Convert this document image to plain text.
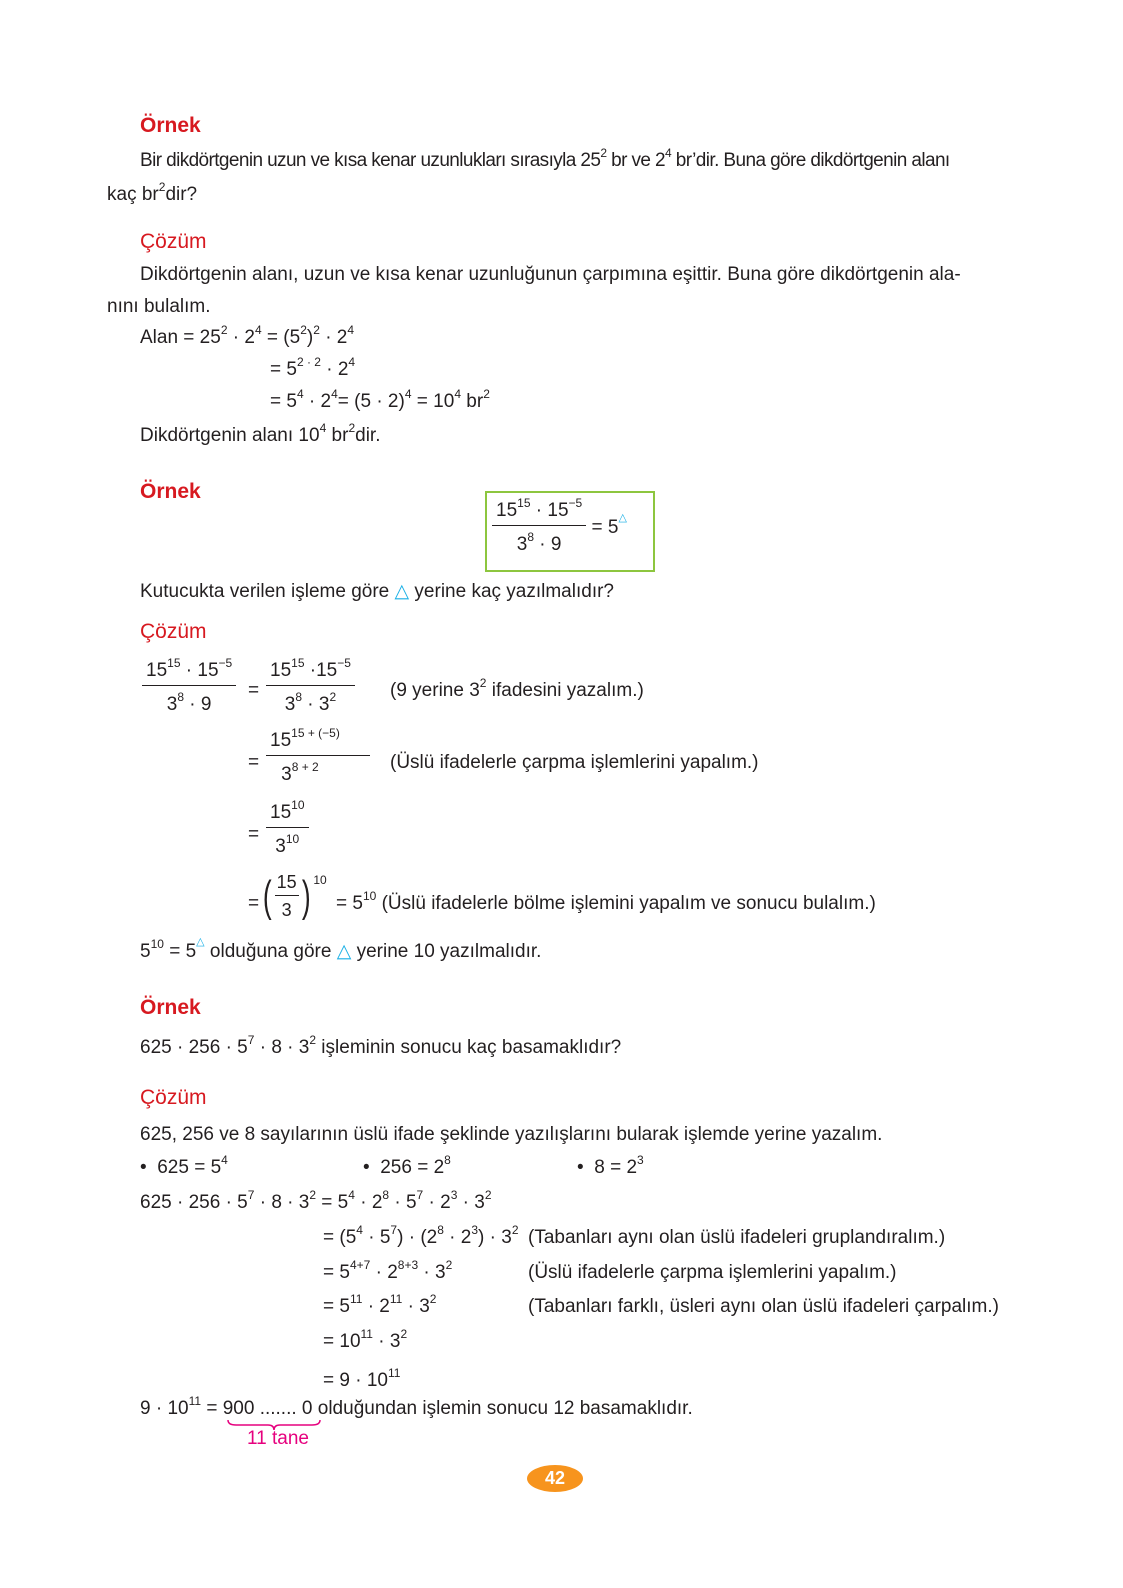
Örnek
Bir dikdörtgenin uzun ve kısa kenar uzunlukları sırasıyla $25^2$ br ve $2^4$ br’dir. Buna göre dikdörtgenin alanı
kaç $br^2dir$?
Çözüm
Dikdörtgenin alanı, uzun ve kısa kenar uzunluğunun çarpımına eşittir. Buna göre dikdörtgenin ala-
nını bulalım.
Alan = $25^2 \cdot 2^4 = (5^2)^2 \cdot 2^4$
= $5^{2 \cdot 2} \cdot 2^4$
= $5^4 \cdot 2^4= (5 \cdot 2)^4 = 10^4$ $br^2$
Dikdörtgenin alanı $10^4$ $br^2dir$.
Örnek
$\frac{15^{15} \cdot 15^{-5}}{3^8 \cdot 9} = 5^\triangle$
Kutucukta verilen işleme göre △ yerine kaç yazılmalıdır?
Çözüm
$\frac{15^{15} \cdot 15^{-5}}{3^8 \cdot 9} = \frac{15^{15} \cdot 15^{-5}}{3^8 \cdot 3^2} (9$ yerine $3^2$ ifadesini yazalım.)
= $\frac{15^{15 + (-5)}}{3^{8 + 2}}$ (Üslü ifadelerle çarpma işlemlerini yapalım.)
= $\frac{15^{10}}{3^{10}}$
= ( $\frac{15}{3}$ ) $^{10}$
= $5^{10}$ (Üslü ifadelerle bölme işlemini yapalım ve sonucu bulalım.)
$5^{10} = 5^\triangle$ olduğuna göre △ yerine 10 yazılmalıdır.
Örnek
$625 \cdot 256 \cdot 5^7 \cdot 8 \cdot 3^2$ işleminin sonucu kaç basamaklıdır?
Çözüm
625, 256 ve 8 sayılarının üslü ifade şeklinde yazılışlarını bularak işlemde yerine yazalım.
• $625 = 5^4$	• $256 = 2^8$	• $8 = 2^3$
$625 \cdot 256 \cdot 5^7 \cdot 8 \cdot 3^2 = 5^4 \cdot 2^8 \cdot 5^7 \cdot 2^3 \cdot 3^2$
= $(5^4 \cdot 5^7) \cdot (2^8 \cdot 2^3) \cdot 3^2$ (Tabanları aynı olan üslü ifadeleri gruplandıralım.)
= $5^{4+7} \cdot 2^{8+3} \cdot 3^2$	(Üslü ifadelerle çarpma işlemlerini yapalım.)
= $5^{11} \cdot 2^{11} \cdot 3^2$	(Tabanları farklı, üsleri aynı olan üslü ifadeleri çarpalım.)
= $10^{11} \cdot 3^2$
= $9 \cdot 10^{11}$
$9 \cdot 10^{11} = 900$ ....... 0 olduğundan işlemin sonucu 12 basamaklıdır.
11 tane
42
